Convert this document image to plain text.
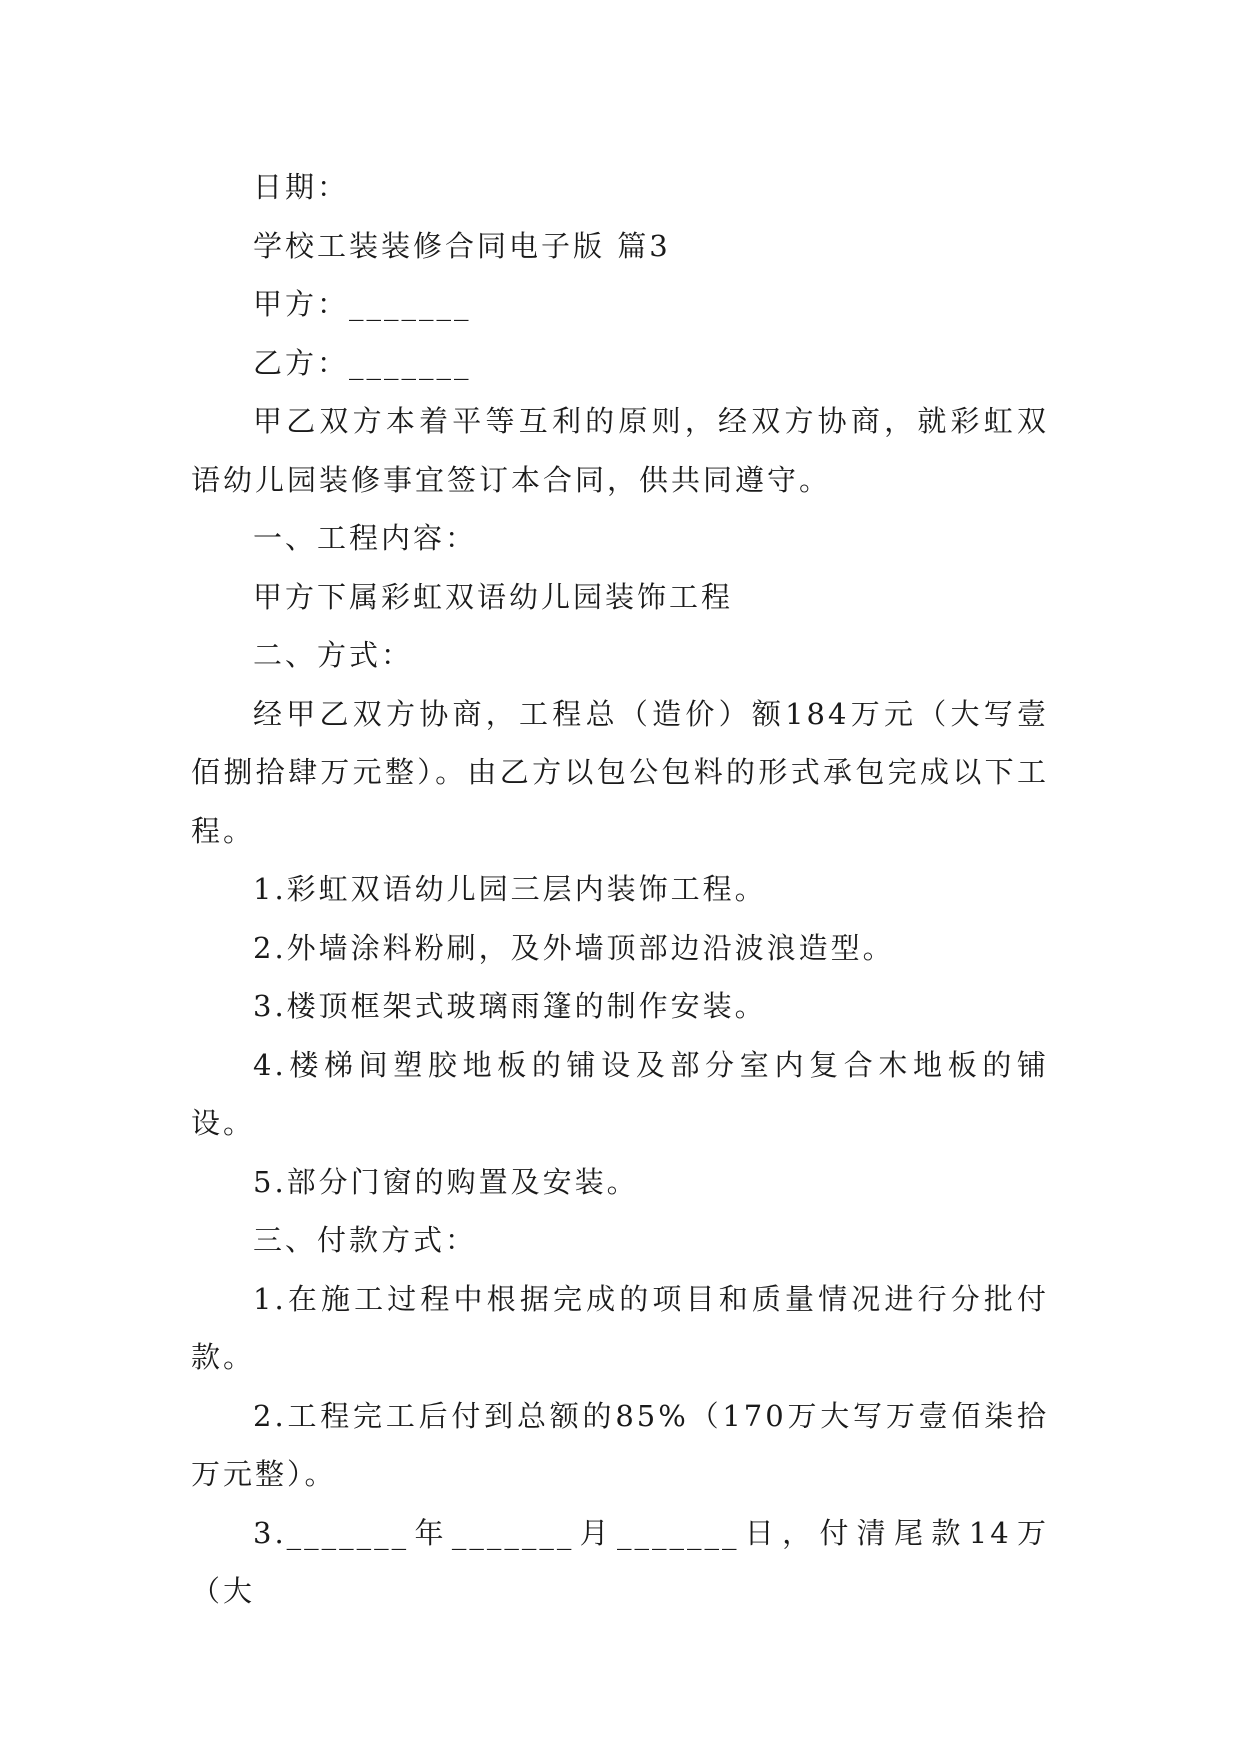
日期：

学校工装装修合同电子版 篇3

甲方：_______

乙方：_______

甲乙双方本着平等互利的原则，经双方协商，就彩虹双语幼儿园装修事宜签订本合同，供共同遵守。

一、工程内容：

甲方下属彩虹双语幼儿园装饰工程

二、方式：

经甲乙双方协商，工程总（造价）额184万元（大写壹佰捌拾肆万元整）。由乙方以包公包料的形式承包完成以下工程。

1.彩虹双语幼儿园三层内装饰工程。

2.外墙涂料粉刷，及外墙顶部边沿波浪造型。

3.楼顶框架式玻璃雨篷的制作安装。

4.楼梯间塑胶地板的铺设及部分室内复合木地板的铺设。

5.部分门窗的购置及安装。

三、付款方式：

1.在施工过程中根据完成的项目和质量情况进行分批付款。

2.工程完工后付到总额的85%（170万大写万壹佰柒拾万元整）。

3._______年_______月_______日，付清尾款14万（大
